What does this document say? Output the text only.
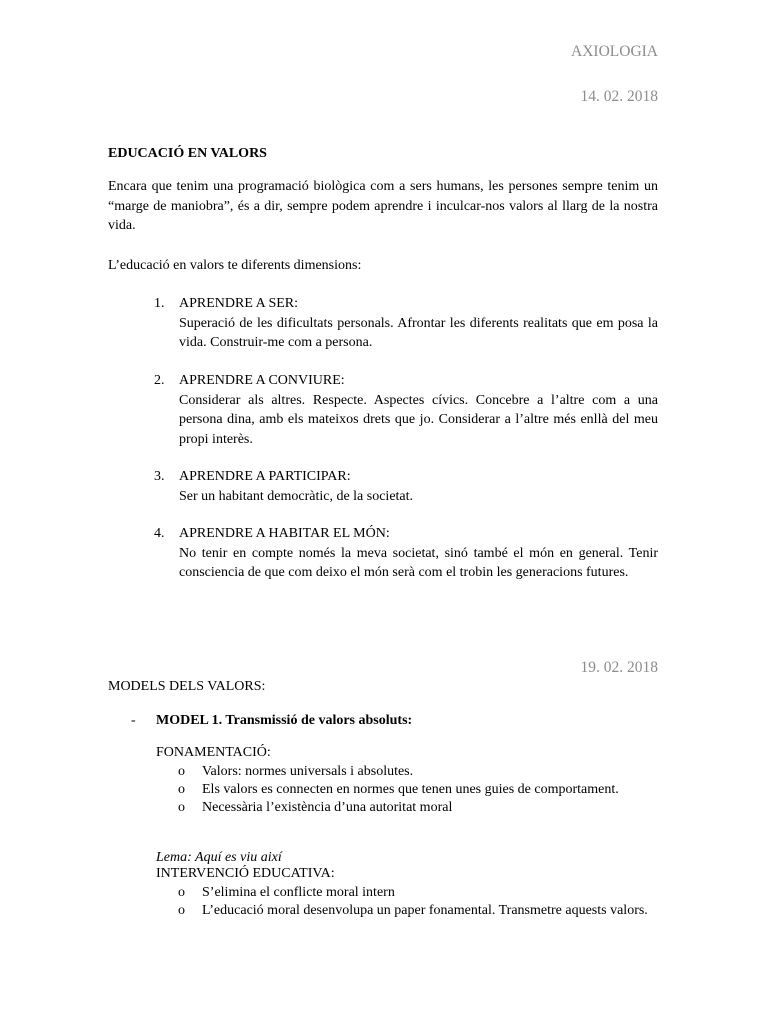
AXIOLOGIA
14. 02. 2018
EDUCACIÓ EN VALORS
Encara que tenim una programació biològica com a sers humans, les persones sempre tenim un “marge de maniobra”, és a dir, sempre podem aprendre i inculcar-nos valors al llarg de la nostra vida.
L’educació en valors te diferents dimensions:
1.	APRENDRE A SER:
Superació de les dificultats personals. Afrontar les diferents realitats que em posa la vida. Construir-me com a persona.
2.	APRENDRE A CONVIURE:
Considerar als altres. Respecte. Aspectes cívics. Concebre a l’altre com a una persona dina, amb els mateixos drets que jo. Considerar a l’altre més enllà del meu propi interès.
3.	APRENDRE A PARTICIPAR:
Ser un habitant democràtic, de la societat.
4.	APRENDRE A HABITAR EL MÓN:
No tenir en compte només la meva societat, sinó també el món en general. Tenir consciencia de que com deixo el món serà com el trobin les generacions futures.
19. 02. 2018
MODELS DELS VALORS:
- MODEL 1. Transmissió de valors absoluts:
FONAMENTACIÓ:
o Valors: normes universals i absolutes.
o Els valors es connecten en normes que tenen unes guies de comportament.
o Necessària l’existència d’una autoritat moral
Lema: Aquí es viu així
INTERVENCIÓ EDUCATIVA:
o S’elimina el conflicte moral intern
o L’educació moral desenvolupa un paper fonamental. Transmetre aquests valors.
